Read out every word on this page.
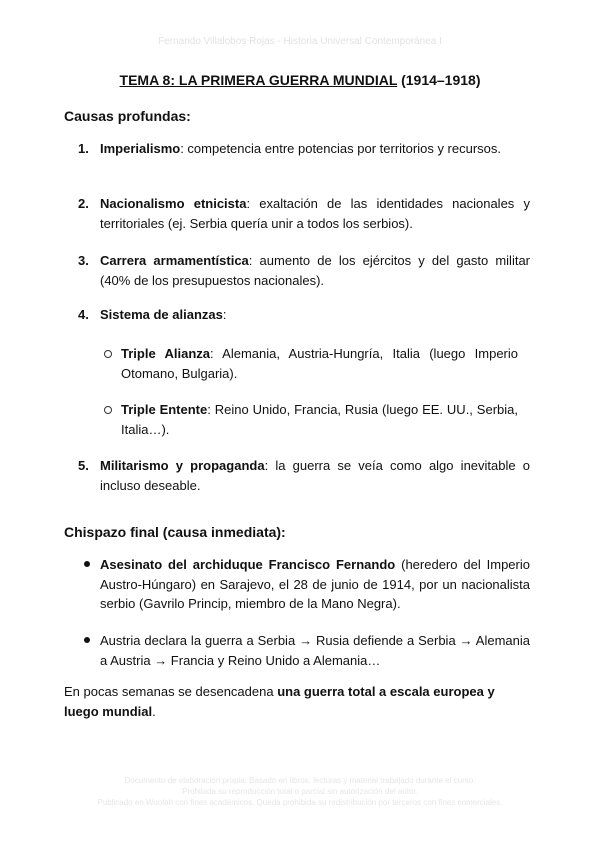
Fernando Villalobos Rojas - Historia Universal Contemporánea I
TEMA 8: LA PRIMERA GUERRA MUNDIAL (1914–1918)
Causas profundas:
1. Imperialismo: competencia entre potencias por territorios y recursos.
2. Nacionalismo etnicista: exaltación de las identidades nacionales y territoriales (ej. Serbia quería unir a todos los serbios).
3. Carrera armamentística: aumento de los ejércitos y del gasto militar (40% de los presupuestos nacionales).
4. Sistema de alianzas:
Triple Alianza: Alemania, Austria-Hungría, Italia (luego Imperio Otomano, Bulgaria).
Triple Entente: Reino Unido, Francia, Rusia (luego EE. UU., Serbia, Italia…).
5. Militarismo y propaganda: la guerra se veía como algo inevitable o incluso deseable.
Chispazo final (causa inmediata):
Asesinato del archiduque Francisco Fernando (heredero del Imperio Austro-Húngaro) en Sarajevo, el 28 de junio de 1914, por un nacionalista serbio (Gavrilo Princip, miembro de la Mano Negra).
Austria declara la guerra a Serbia → Rusia defiende a Serbia → Alemania a Austria → Francia y Reino Unido a Alemania…
En pocas semanas se desencadena una guerra total a escala europea y luego mundial.
Documento de elaboración propia. Basado en libros, lecturas y material trabajado durante el curso.
Prohibida su reproducción total o parcial sin autorización del autor.
Publicado en Wuolah con fines académicos. Queda prohibida su redistribución por terceros con fines comerciales.
